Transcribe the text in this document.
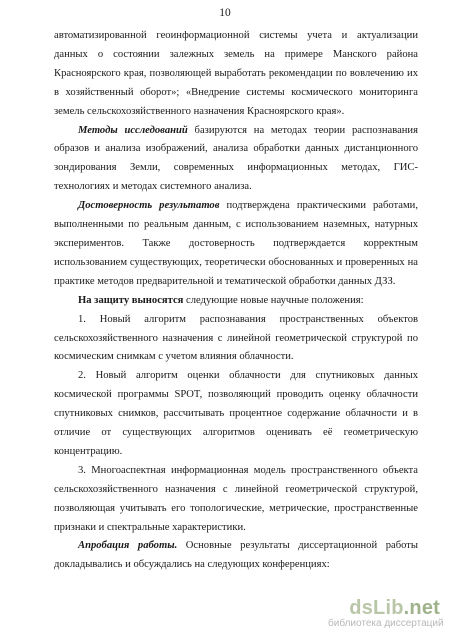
10

автоматизированной геоинформационной системы учета и актуализации данных о состоянии залежных земель на примере Манского района Красноярского края, позволяющей выработать рекомендации по вовлечению их в хозяйственный оборот»; «Внедрение системы космического мониторинга земель сельскохозяйственного назначения Красноярского края».

Методы исследований базируются на методах теории распознавания образов и анализа изображений, анализа обработки данных дистанционного зондирования Земли, современных информационных методах, ГИС-технологиях и методах системного анализа.

Достоверность результатов подтверждена практическими работами, выполненными по реальным данным, с использованием наземных, натурных экспериментов. Также достоверность подтверждается корректным использованием существующих, теоретически обоснованных и проверенных на практике методов предварительной и тематической обработки данных ДЗЗ.

На защиту выносятся следующие новые научные положения:

1. Новый алгоритм распознавания пространственных объектов сельскохозяйственного назначения с линейной геометрической структурой по космическим снимкам с учетом влияния облачности.

2. Новый алгоритм оценки облачности для спутниковых данных космической программы SPOT, позволяющий проводить оценку облачности спутниковых снимков, рассчитывать процентное содержание облачности и в отличие от существующих алгоритмов оценивать её геометрическую концентрацию.

3. Многоаспектная информационная модель пространственного объекта сельскохозяйственного назначения с линейной геометрической структурой, позволяющая учитывать его топологические, метрические, пространственные признаки и спектральные характеристики.

Апробация работы. Основные результаты диссертационной работы докладывались и обсуждались на следующих конференциях:

dsLib.net
библиотека диссертаций
